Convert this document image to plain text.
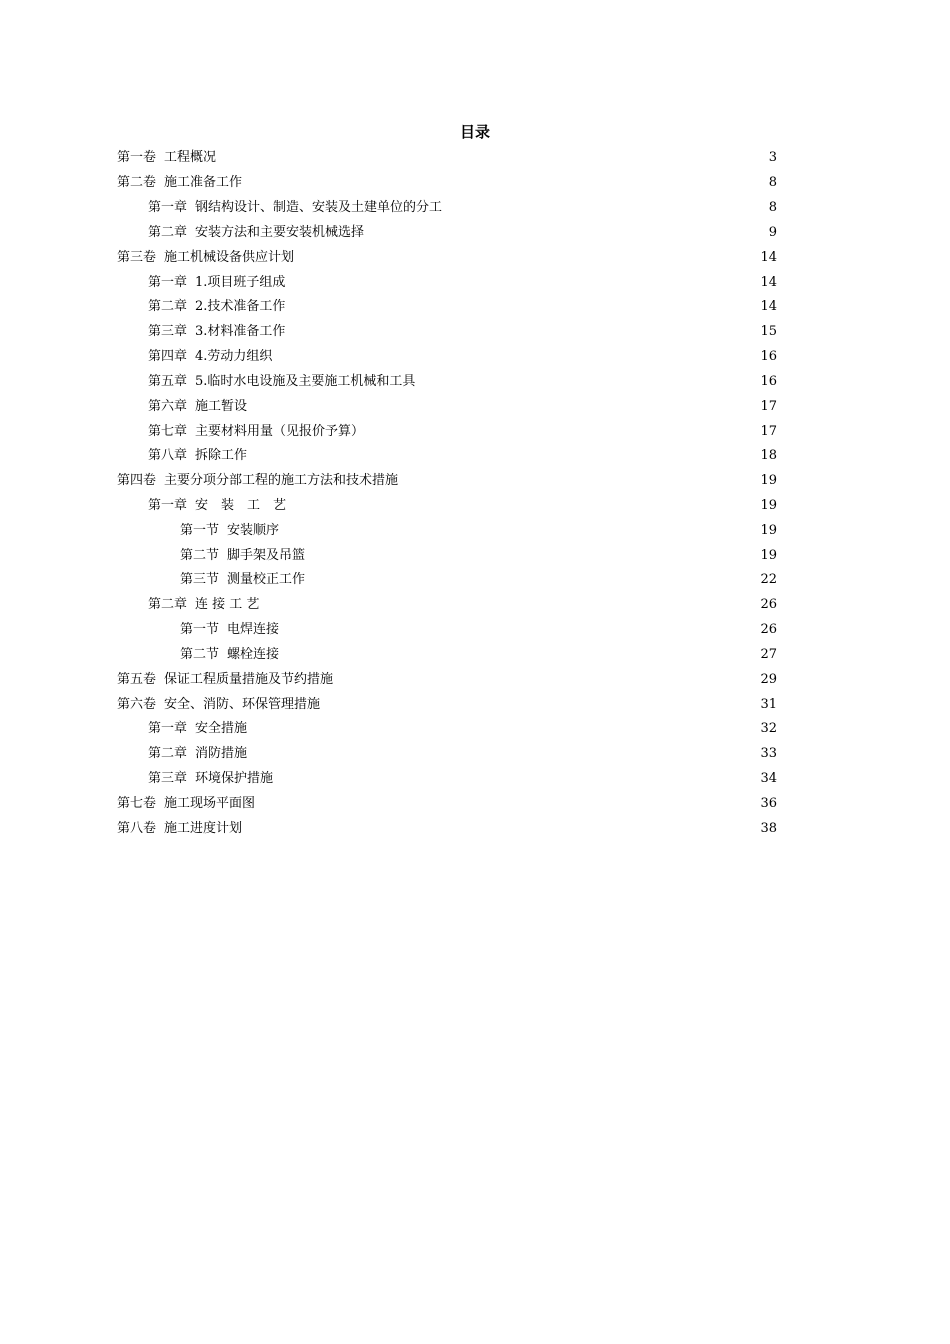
目录
第一卷 工程概况	3
第二卷 施工准备工作	8
第一章 钢结构设计、制造、安装及土建单位的分工	8
第二章 安装方法和主要安装机械选择	9
第三卷 施工机械设备供应计划	14
第一章 1.项目班子组成	14
第二章 2.技术准备工作	14
第三章 3.材料准备工作	15
第四章 4.劳动力组织	16
第五章 5.临时水电设施及主要施工机械和工具	16
第六章 施工暂设	17
第七章 主要材料用量（见报价予算）	17
第八章 拆除工作	18
第四卷 主要分项分部工程的施工方法和技术措施	19
第一章 安　装　工　艺	19
第一节 安装顺序	19
第二节 脚手架及吊篮	19
第三节 测量校正工作	22
第二章 连 接 工 艺	26
第一节 电焊连接	26
第二节 螺栓连接	27
第五卷 保证工程质量措施及节约措施	29
第六卷 安全、消防、环保管理措施	31
第一章 安全措施	32
第二章 消防措施	33
第三章 环境保护措施	34
第七卷 施工现场平面图	36
第八卷 施工进度计划	38
